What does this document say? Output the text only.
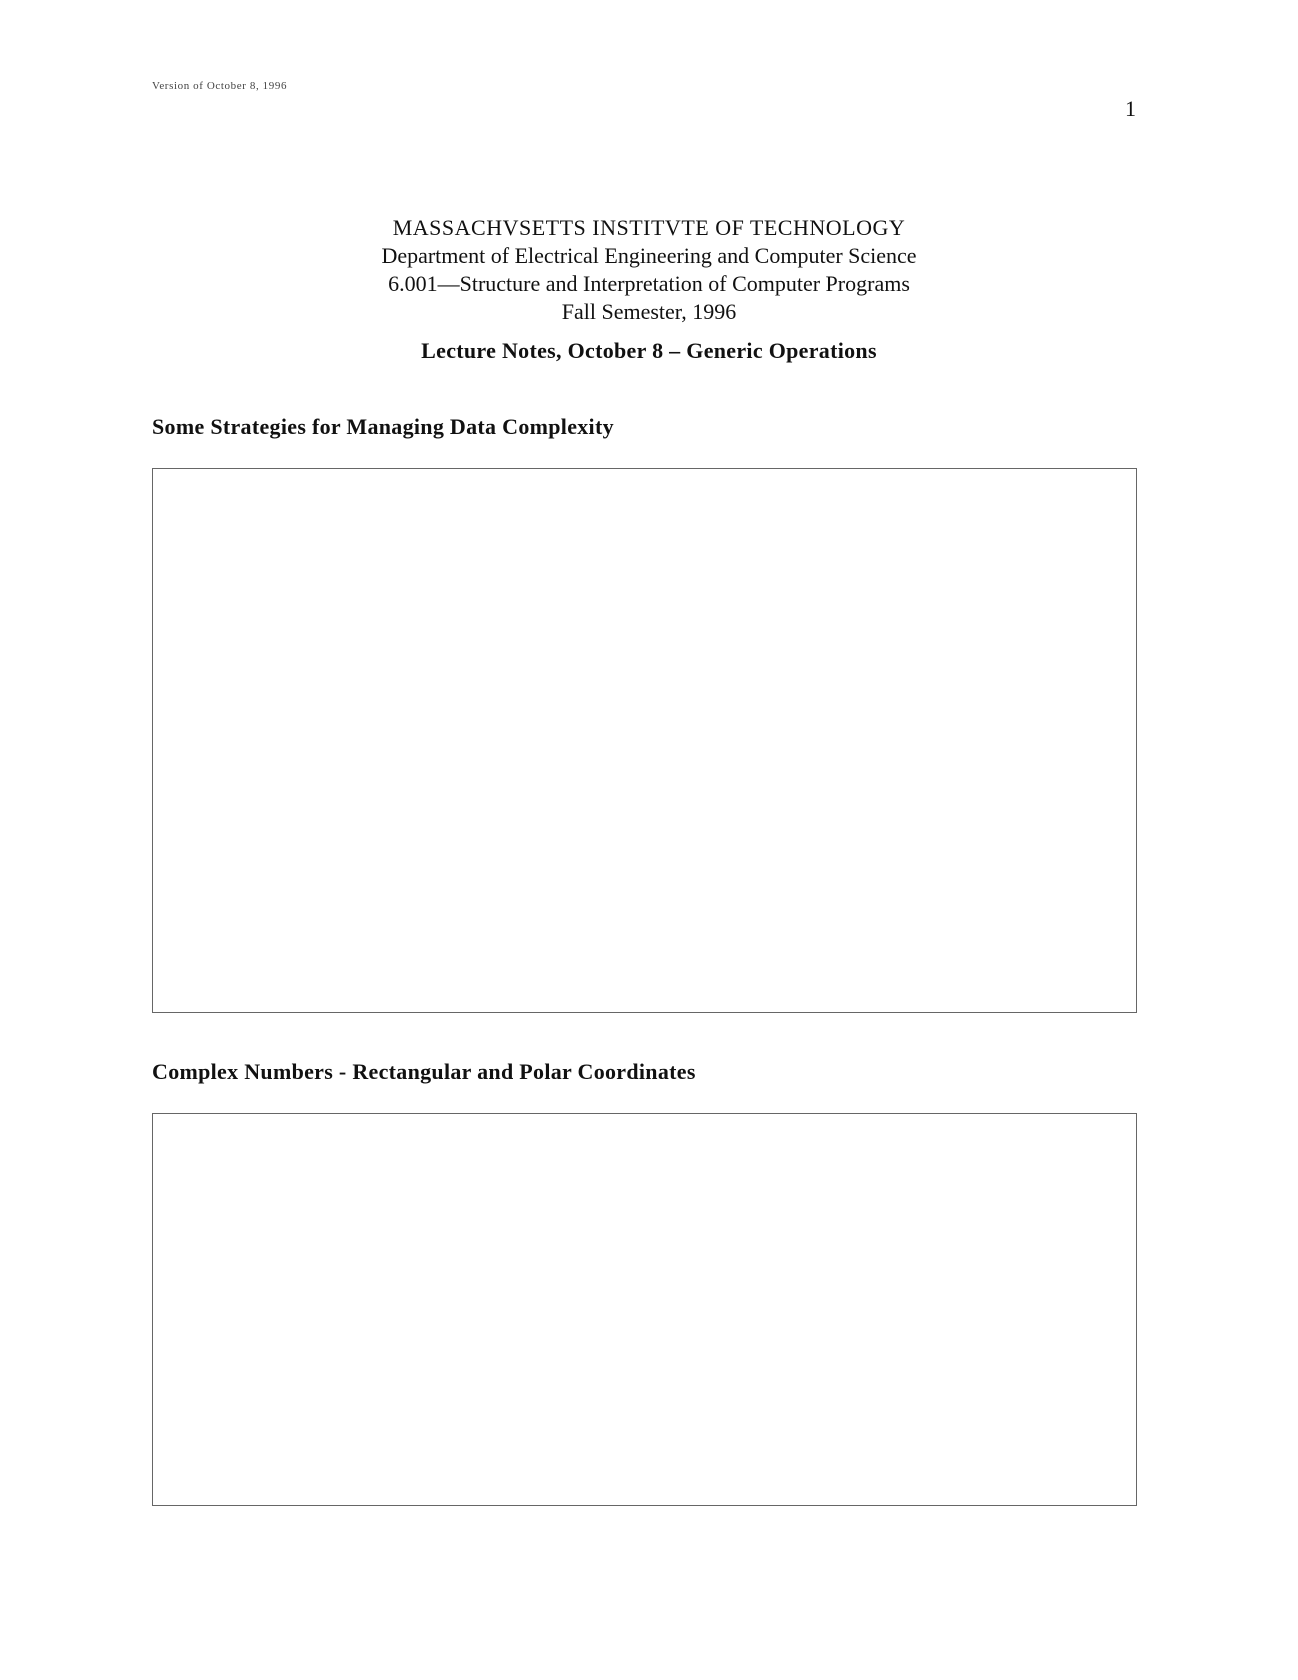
Version of October 8, 1996
1
MASSACHVSETTS INSTITVTE OF TECHNOLOGY
Department of Electrical Engineering and Computer Science
6.001—Structure and Interpretation of Computer Programs
Fall Semester, 1996
Lecture Notes, October 8 – Generic Operations
Some Strategies for Managing Data Complexity
Complex Numbers - Rectangular and Polar Coordinates
